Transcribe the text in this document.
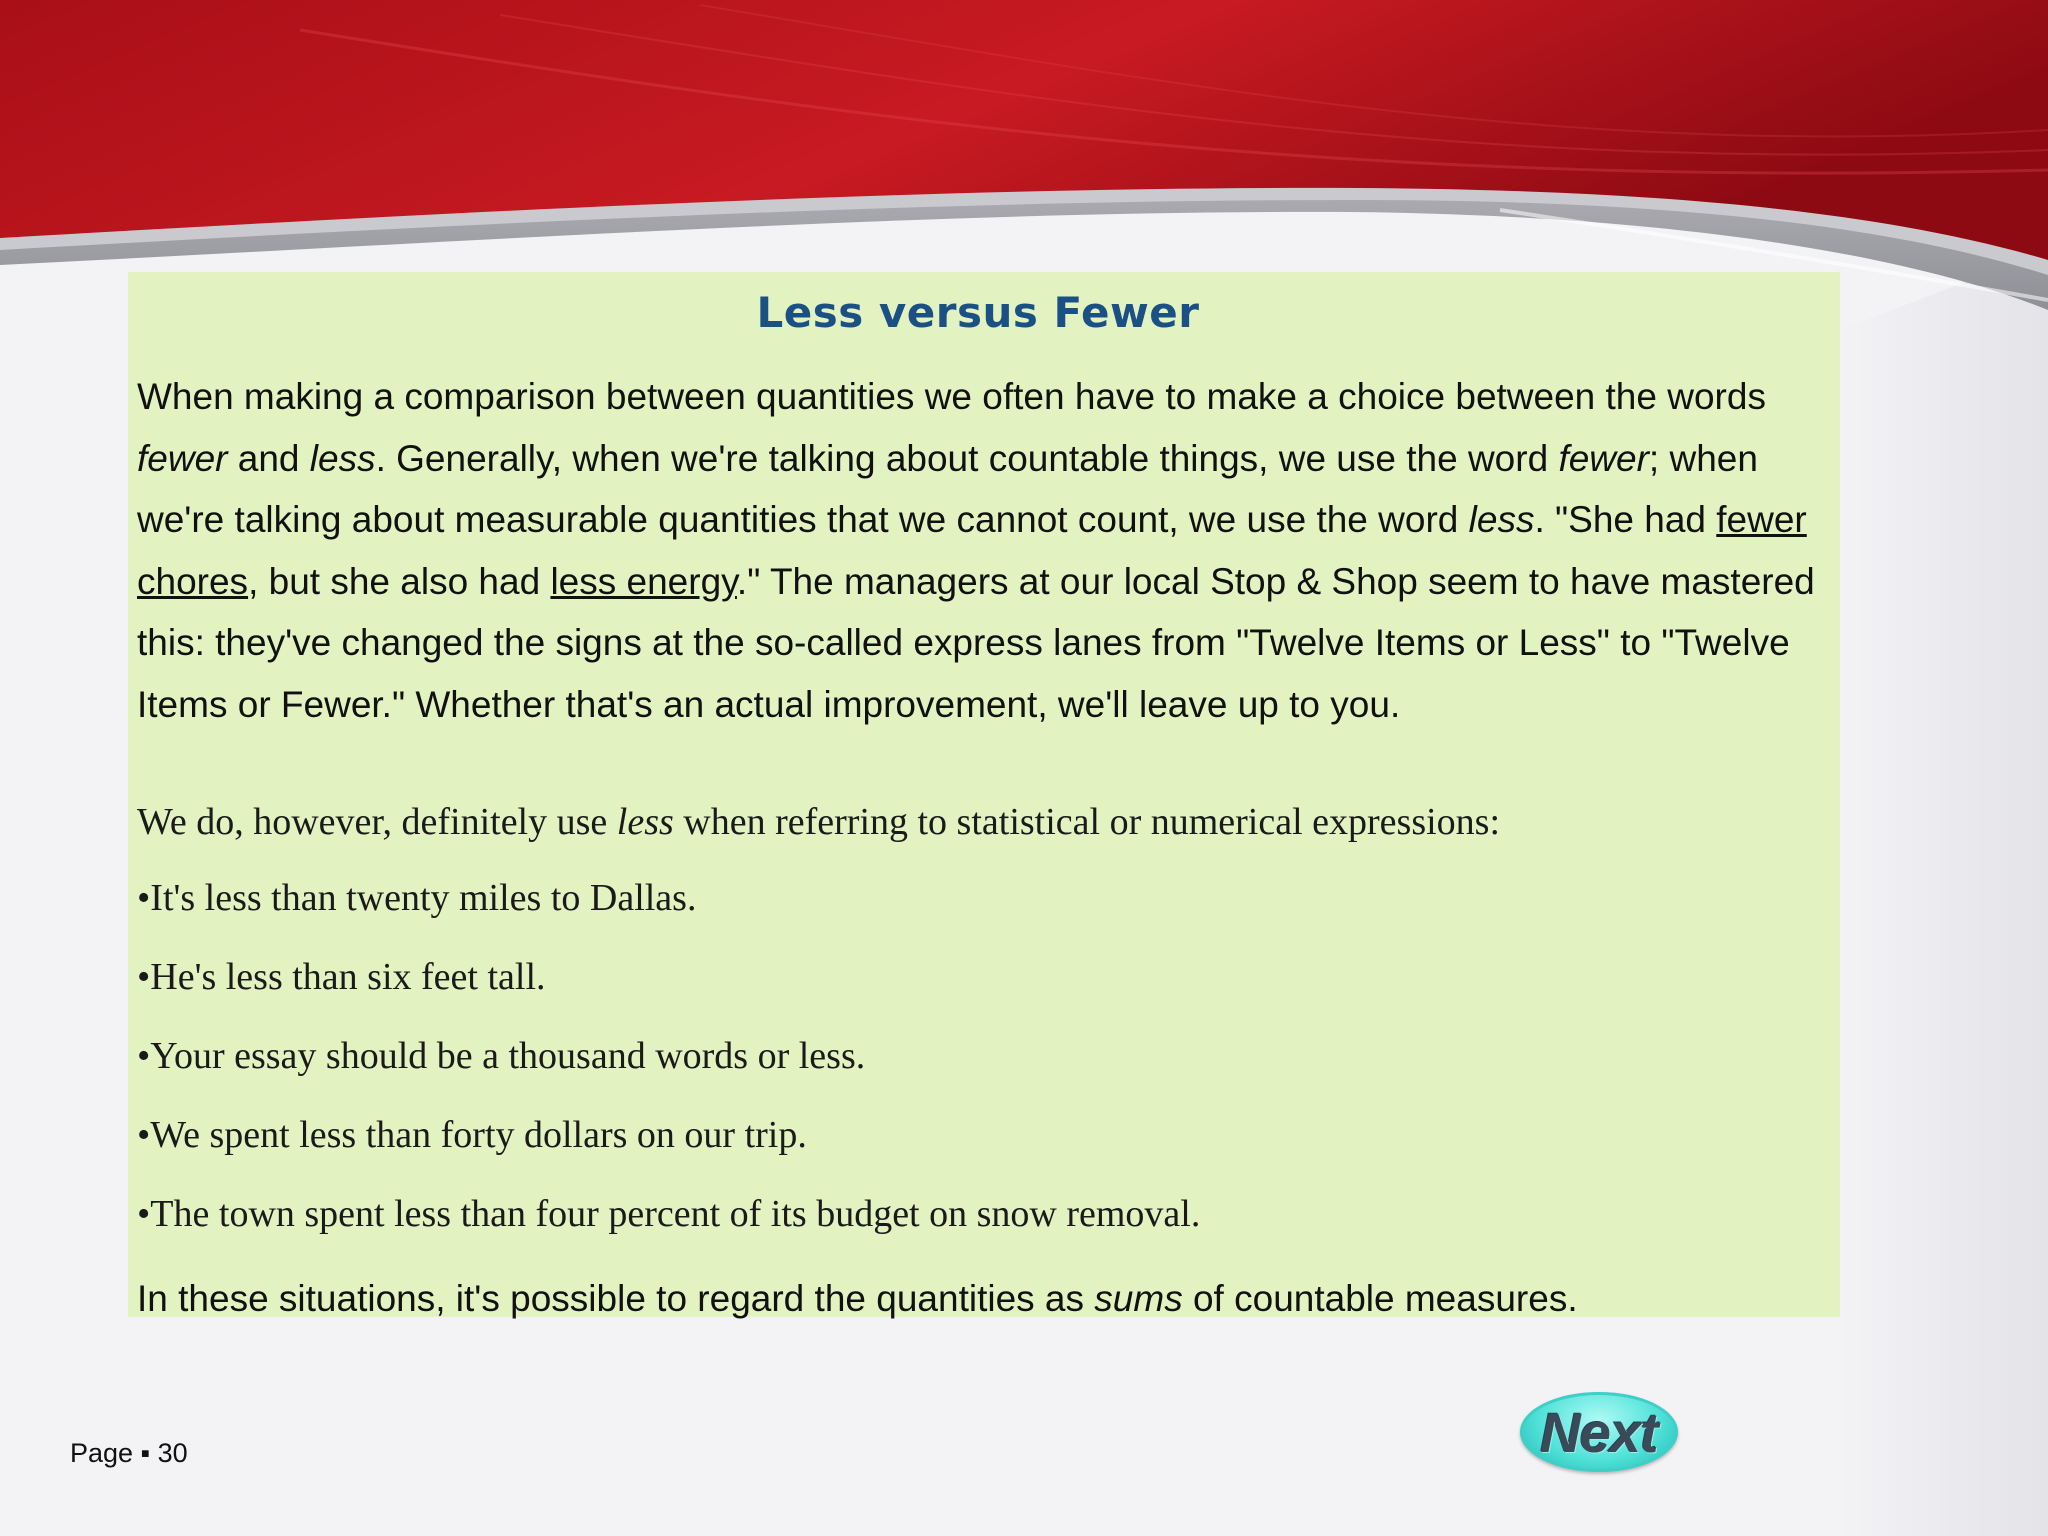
Less versus Fewer
When making a comparison between quantities we often have to make a choice between the words fewer and less. Generally, when we're talking about countable things, we use the word fewer; when we're talking about measurable quantities that we cannot count, we use the word less. "She had fewer chores, but she also had less energy." The managers at our local Stop & Shop seem to have mastered this: they've changed the signs at the so-called express lanes from "Twelve Items or Less" to "Twelve Items or Fewer." Whether that's an actual improvement, we'll leave up to you.
We do, however, definitely use less when referring to statistical or numerical expressions:
•It's less than twenty miles to Dallas.
•He's less than six feet tall.
•Your essay should be a thousand words or less.
•We spent less than forty dollars on our trip.
•The town spent less than four percent of its budget on snow removal.
In these situations, it's possible to regard the quantities as sums of countable measures.
Page ▪ 30	Next
